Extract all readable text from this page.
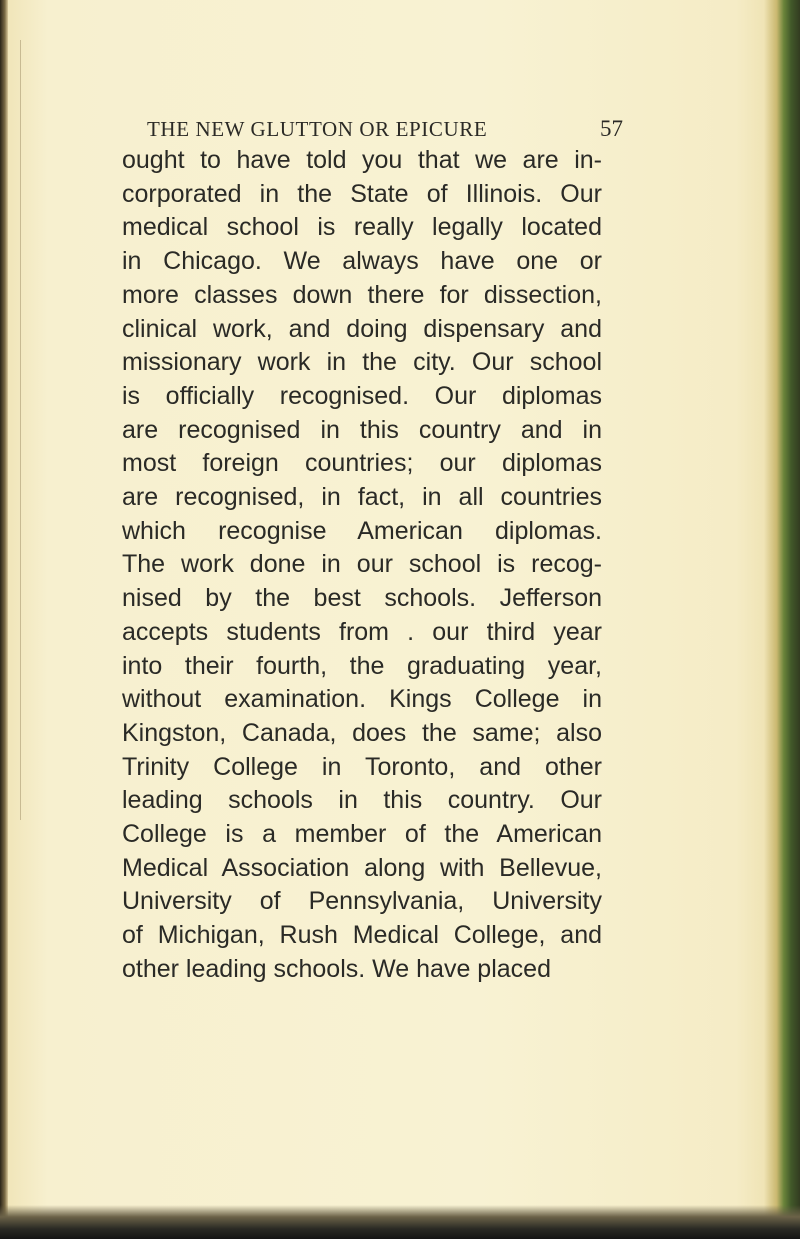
THE NEW GLUTTON OR EPICURE	57
ought to have told you that we are in-
corporated in the State of Illinois. Our
medical school is really legally located
in Chicago. We always have one or
more classes down there for dissection,
clinical work, and doing dispensary and
missionary work in the city. Our school
is officially recognised. Our diplomas
are recognised in this country and in
most foreign countries; our diplomas
are recognised, in fact, in all countries
which recognise American diplomas.
The work done in our school is recog-
nised by the best schools. Jefferson
accepts students from . our third year
into their fourth, the graduating year,
without examination. Kings College in
Kingston, Canada, does the same; also
Trinity College in Toronto, and other
leading schools in this country. Our
College is a member of the American
Medical Association along with Bellevue,
University of Pennsylvania, University
of Michigan, Rush Medical College, and
other leading schools. We have placed
